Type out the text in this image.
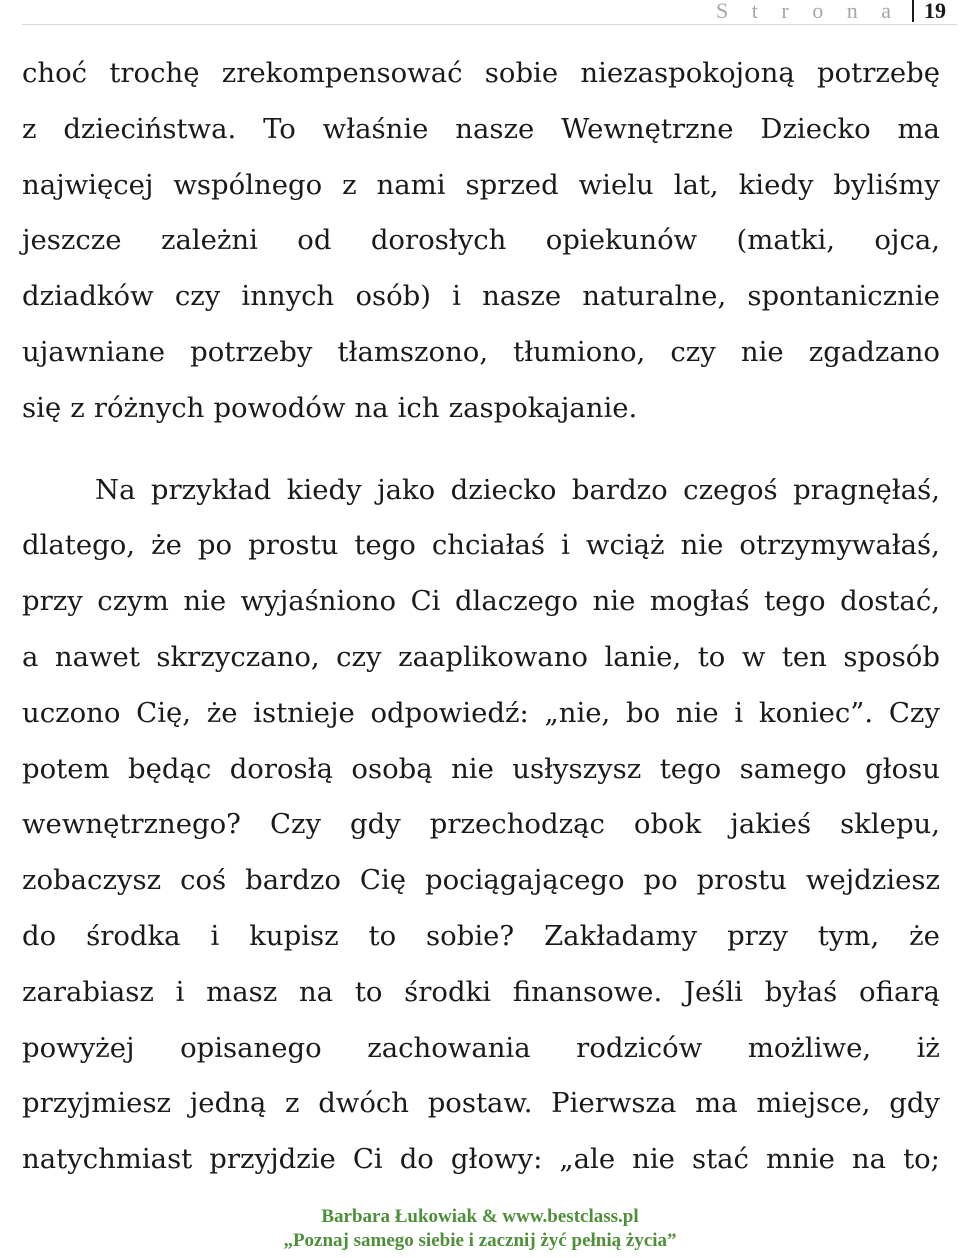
S t r o n a 19
choć trochę zrekompensować sobie niezaspokojoną potrzebę
z dzieciństwa. To właśnie nasze Wewnętrzne Dziecko ma
najwięcej wspólnego z nami sprzed wielu lat, kiedy byliśmy
jeszcze zależni od dorosłych opiekunów (matki, ojca,
dziadków czy innych osób) i nasze naturalne, spontanicznie
ujawniane potrzeby tłamszono, tłumiono, czy nie zgadzano
się z różnych powodów na ich zaspokajanie.
Na przykład kiedy jako dziecko bardzo czegoś pragnęłaś,
dlatego, że po prostu tego chciałaś i wciąż nie otrzymywałaś,
przy czym nie wyjaśniono Ci dlaczego nie mogłaś tego dostać,
a nawet skrzyczano, czy zaaplikowano lanie, to w ten sposób
uczono Cię, że istnieje odpowiedź: „nie, bo nie i koniec”. Czy
potem będąc dorosłą osobą nie usłyszysz tego samego głosu
wewnętrznego? Czy gdy przechodząc obok jakieś sklepu,
zobaczysz coś bardzo Cię pociągającego po prostu wejdziesz
do środka i kupisz to sobie? Zakładamy przy tym, że
zarabiasz i masz na to środki finansowe. Jeśli byłaś ofiarą
powyżej opisanego zachowania rodziców możliwe, iż
przyjmiesz jedną z dwóch postaw. Pierwsza ma miejsce, gdy
natychmiast przyjdzie Ci do głowy: „ale nie stać mnie na to;
Barbara Łukowiak & www.bestclass.pl
„Poznaj samego siebie i zacznij żyć pełnią życia”
